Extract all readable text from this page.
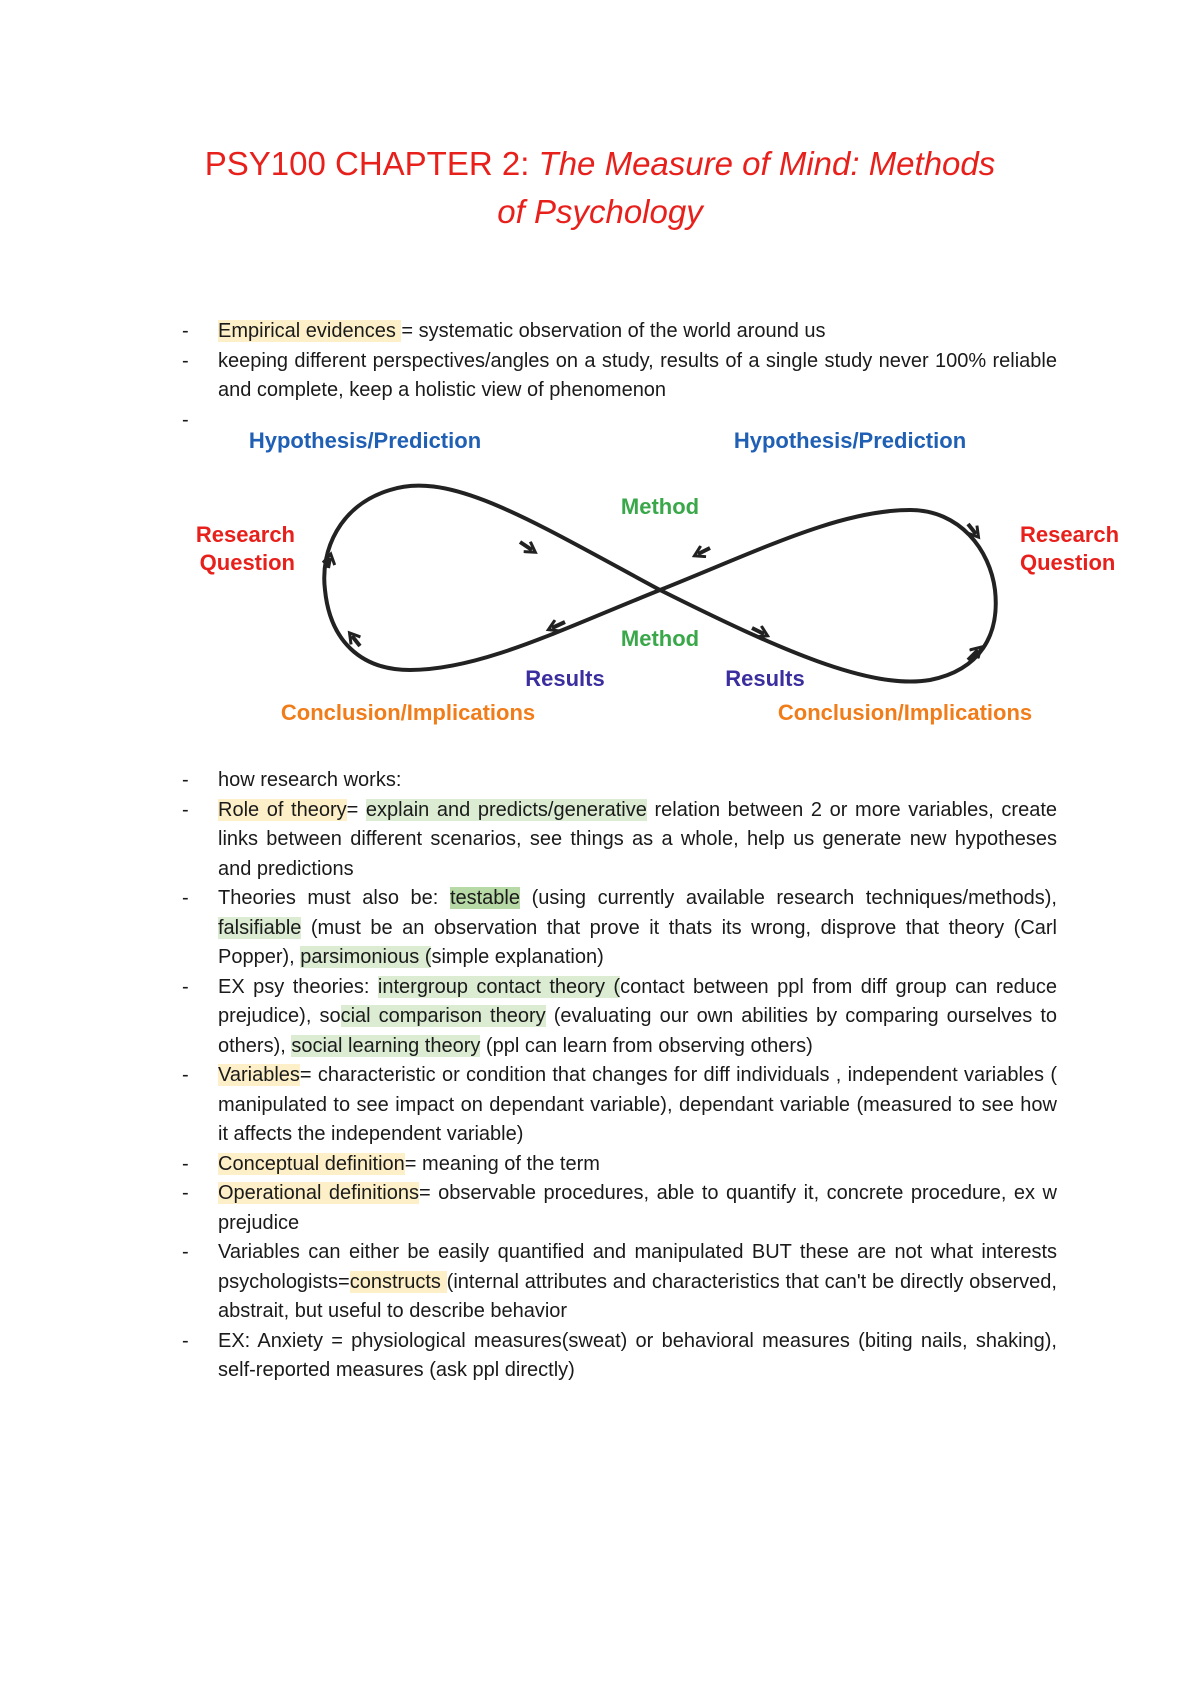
PSY100 CHAPTER 2: The Measure of Mind: Methods
of Psychology
- Empirical evidences = systematic observation of the world around us
- keeping different perspectives/angles on a study, results of a single study never 100% reliable and complete, keep a holistic view of phenomenon
-
Hypothesis/Prediction	Hypothesis/Prediction
Research
Question
Research
Question
Method
Method
Results	Results
Conclusion/Implications	Conclusion/Implications
- how research works:
- Role of theory= explain and predicts/generative relation between 2 or more variables, create links between different scenarios, see things as a whole, help us generate new hypotheses and predictions
- Theories must also be: testable (using currently available research techniques/methods), falsifiable (must be an observation that prove it thats its wrong, disprove that theory (Carl Popper), parsimonious (simple explanation)
- EX psy theories: intergroup contact theory (contact between ppl from diff group can reduce prejudice), social comparison theory (evaluating our own abilities by comparing ourselves to others), social learning theory (ppl can learn from observing others)
- Variables= characteristic or condition that changes for diff individuals , independent variables ( manipulated to see impact on dependant variable), dependant variable (measured to see how it affects the independent variable)
- Conceptual definition= meaning of the term
- Operational definitions= observable procedures, able to quantify it, concrete procedure, ex w prejudice
- Variables can either be easily quantified and manipulated BUT these are not what interests psychologists=constructs (internal attributes and characteristics that can't be directly observed, abstrait, but useful to describe behavior
- EX: Anxiety = physiological measures(sweat) or behavioral measures (biting nails, shaking), self-reported measures (ask ppl directly)
